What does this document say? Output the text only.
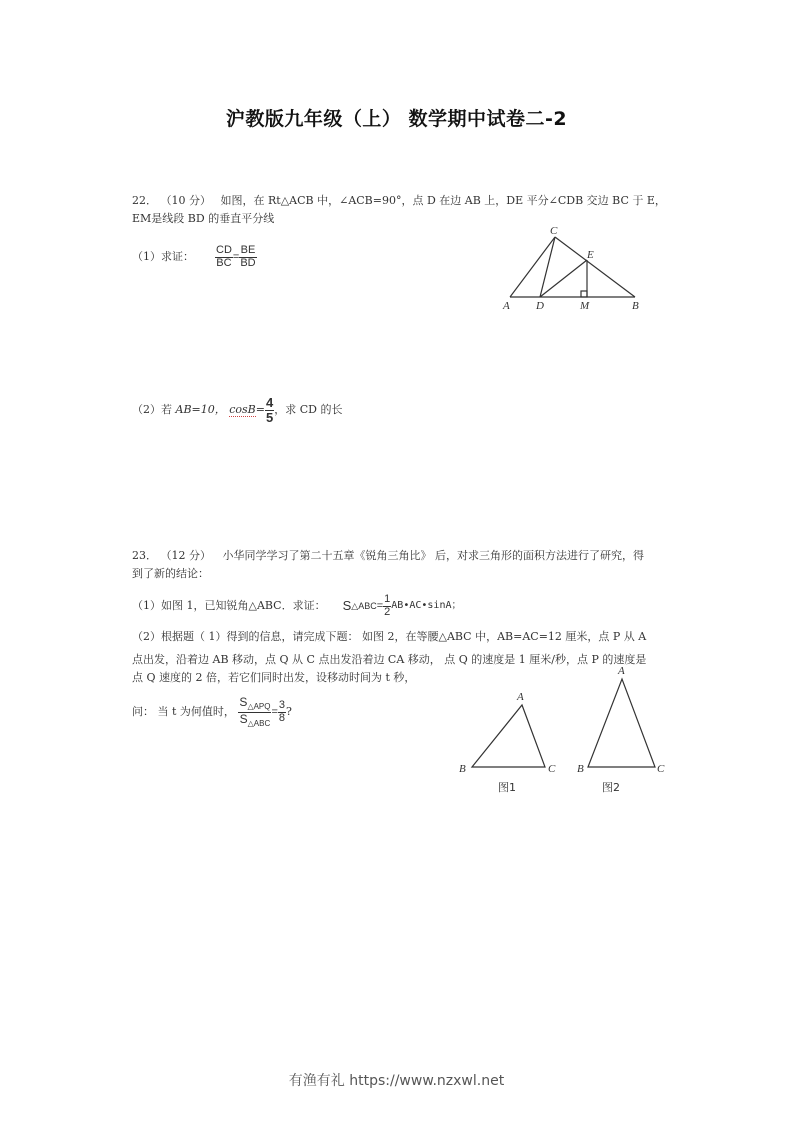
沪教版九年级（上） 数学期中试卷二-2
22． （10 分） 如图，在 Rt△ACB 中，∠ACB=90°，点 D 在边 AB 上，DE 平分∠CDB 交边 BC 于 E，
EM是线段 BD 的垂直平分线
（1）求证： $\frac{CD}{BC} = \frac{BE}{BD}$
C
E
A D	M	B
（2）若 AB=10， $\cos B= \frac{4}{5}$ ，求 CD 的长
23． （12 分） 小华同学学习了第二十五章《锐角三角比》 后，对求三角形的面积方法进行了研究，得
到了新的结论：
（1）如图 1，已知锐角△ABC．求证： S△ABC= $\frac{1}{2}$ AB•AC•sinA；
（2）根据题（ 1）得到的信息，请完成下题： 如图 2，在等腰△ABC 中，AB=AC=12 厘米，点 P 从 A
点出发，沿着边 AB 移动，点 Q 从 C 点出发沿着边 CA 移动， 点 Q 的速度是 1 厘米/秒，点 P 的速度是
点 Q 速度的 2 倍，若它们同时出发，设移动时间为 t 秒，
问： 当 t 为何值时， $\frac{S_{\triangle APQ}}{S_{\triangle ABC}} = \frac{3}{8}$ ?
A
B	C
图1
A
B	C
图2
有渔有礼 https://www.nzxwl.net
